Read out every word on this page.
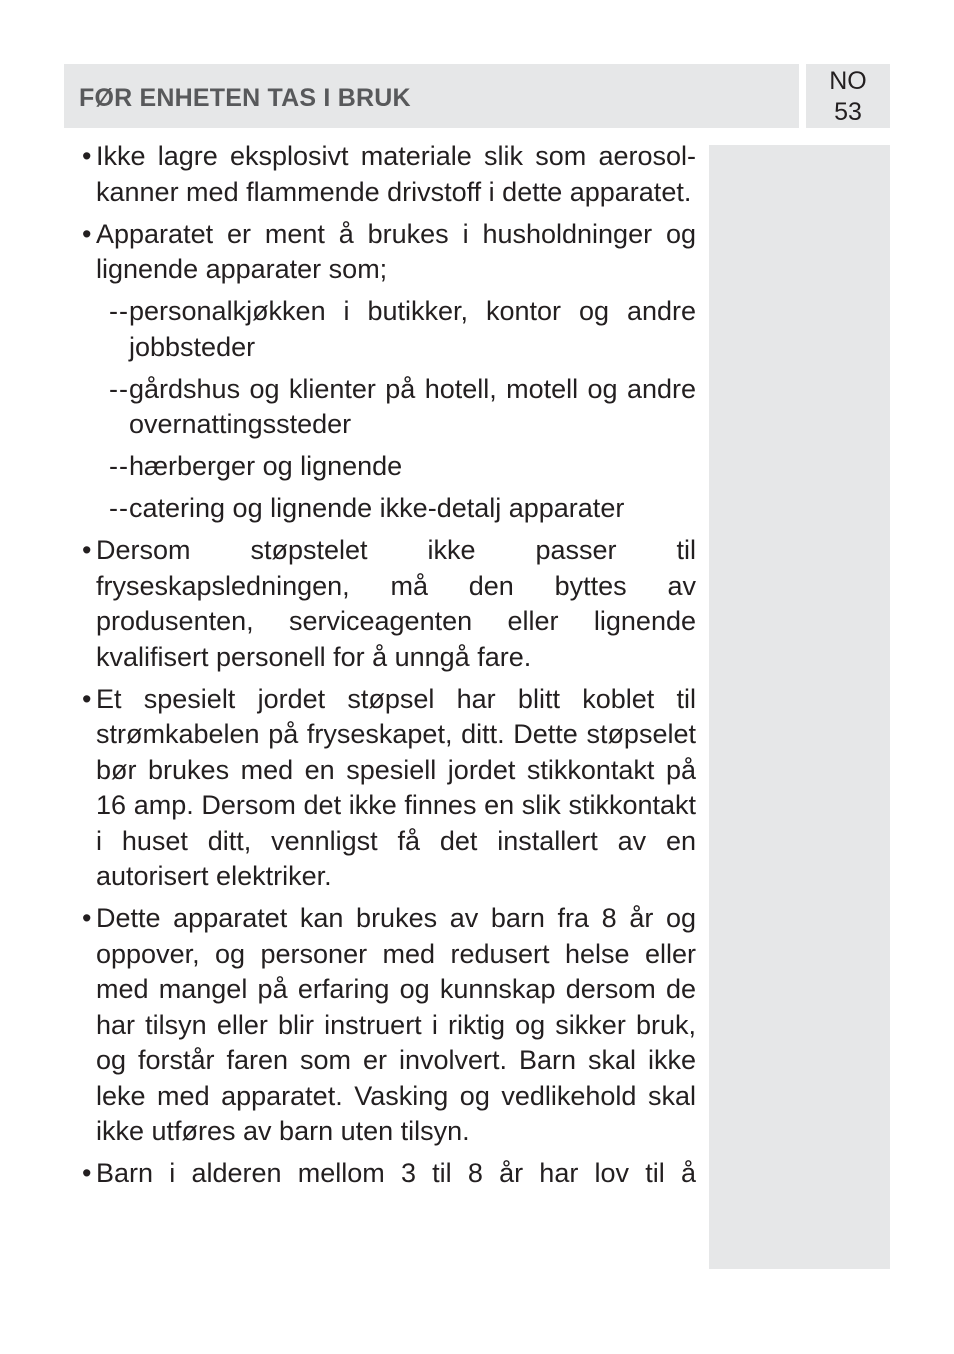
FØR ENHETEN TAS I BRUK
NO
53
• Ikke lagre eksplosivt materiale slik som aerosol-kanner med flammende drivstoff i dette apparatet.
• Apparatet er ment å brukes i husholdninger og lignende apparater som;
-- personalkjøkken i butikker, kontor og andre jobbsteder
-- gårdshus og klienter på hotell, motell og andre overnattingssteder
-- hærberger og lignende
-- catering og lignende ikke-detalj apparater
• Dersom støpstelet ikke passer til fryseskapsledningen, må den byttes av produsenten, serviceagenten eller lignende kvalifisert personell for å unngå fare.
• Et spesielt jordet støpsel har blitt koblet til strømkabelen på fryseskapet, ditt. Dette støpselet bør brukes med en spesiell jordet stikkontakt på 16 amp. Dersom det ikke finnes en slik stikkontakt i huset ditt, vennligst få det installert av en autorisert elektriker.
• Dette apparatet kan brukes av barn fra 8 år og oppover, og personer med redusert helse eller med mangel på erfaring og kunnskap dersom de har tilsyn eller blir instruert i riktig og sikker bruk, og forstår faren som er involvert. Barn skal ikke leke med apparatet. Vasking og vedlikehold skal ikke utføres av barn uten tilsyn.
• Barn i alderen mellom 3 til 8 år har lov til å
